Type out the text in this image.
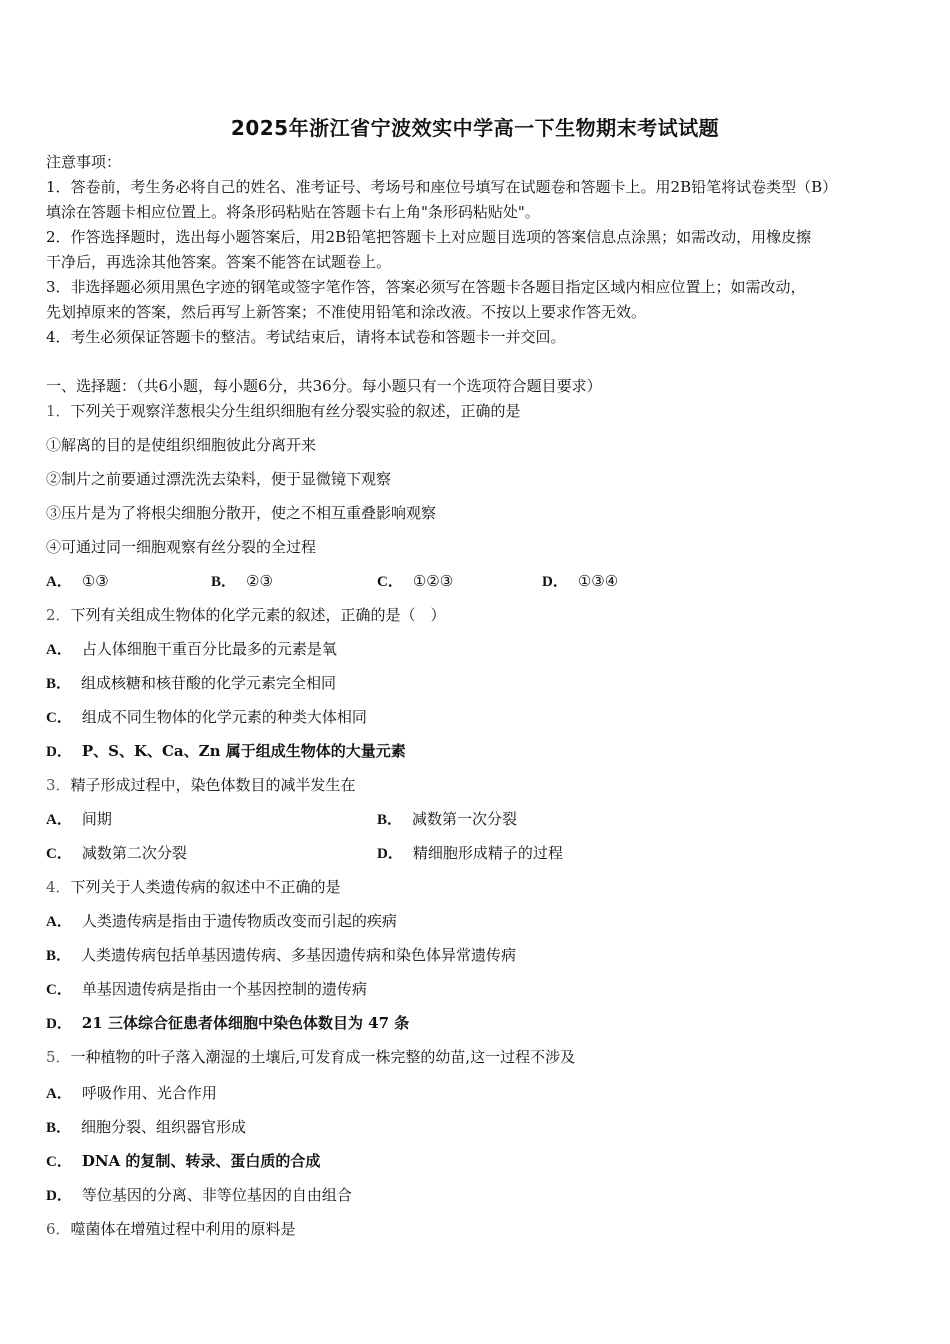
2025年浙江省宁波效实中学高一下生物期末考试试题
注意事项：
1．答卷前，考生务必将自己的姓名、准考证号、考场号和座位号填写在试题卷和答题卡上。用2B铅笔将试卷类型（B）
填涂在答题卡相应位置上。将条形码粘贴在答题卡右上角"条形码粘贴处"。
2．作答选择题时，选出每小题答案后，用2B铅笔把答题卡上对应题目选项的答案信息点涂黑；如需改动，用橡皮擦
干净后，再选涂其他答案。答案不能答在试题卷上。
3．非选择题必须用黑色字迹的钢笔或签字笔作答，答案必须写在答题卡各题目指定区域内相应位置上；如需改动，
先划掉原来的答案，然后再写上新答案；不准使用铅笔和涂改液。不按以上要求作答无效。
4．考生必须保证答题卡的整洁。考试结束后，请将本试卷和答题卡一并交回。
一、选择题：（共6小题，每小题6分，共36分。每小题只有一个选项符合题目要求）
1．下列关于观察洋葱根尖分生组织细胞有丝分裂实验的叙述，正确的是
①解离的目的是使组织细胞彼此分离开来
②制片之前要通过漂洗洗去染料，便于显微镜下观察
③压片是为了将根尖细胞分散开，使之不相互重叠影响观察
④可通过同一细胞观察有丝分裂的全过程
A． ①③	B． ②③	C． ①②③	D． ①③④
2．下列有关组成生物体的化学元素的叙述，正确的是（　）
A． 占人体细胞干重百分比最多的元素是氧
B． 组成核糖和核苷酸的化学元素完全相同
C． 组成不同生物体的化学元素的种类大体相同
D． P、S、K、Ca、Zn 属于组成生物体的大量元素
3．精子形成过程中，染色体数目的减半发生在
A． 间期	B． 减数第一次分裂
C． 减数第二次分裂	D． 精细胞形成精子的过程
4．下列关于人类遗传病的叙述中不正确的是
A． 人类遗传病是指由于遗传物质改变而引起的疾病
B． 人类遗传病包括单基因遗传病、多基因遗传病和染色体异常遗传病
C． 单基因遗传病是指由一个基因控制的遗传病
D． 21 三体综合征患者体细胞中染色体数目为 47 条
5．一种植物的叶子落入潮湿的土壤后,可发育成一株完整的幼苗,这一过程不涉及
A． 呼吸作用、光合作用
B． 细胞分裂、组织器官形成
C． DNA 的复制、转录、蛋白质的合成
D． 等位基因的分离、非等位基因的自由组合
6．噬菌体在增殖过程中利用的原料是
